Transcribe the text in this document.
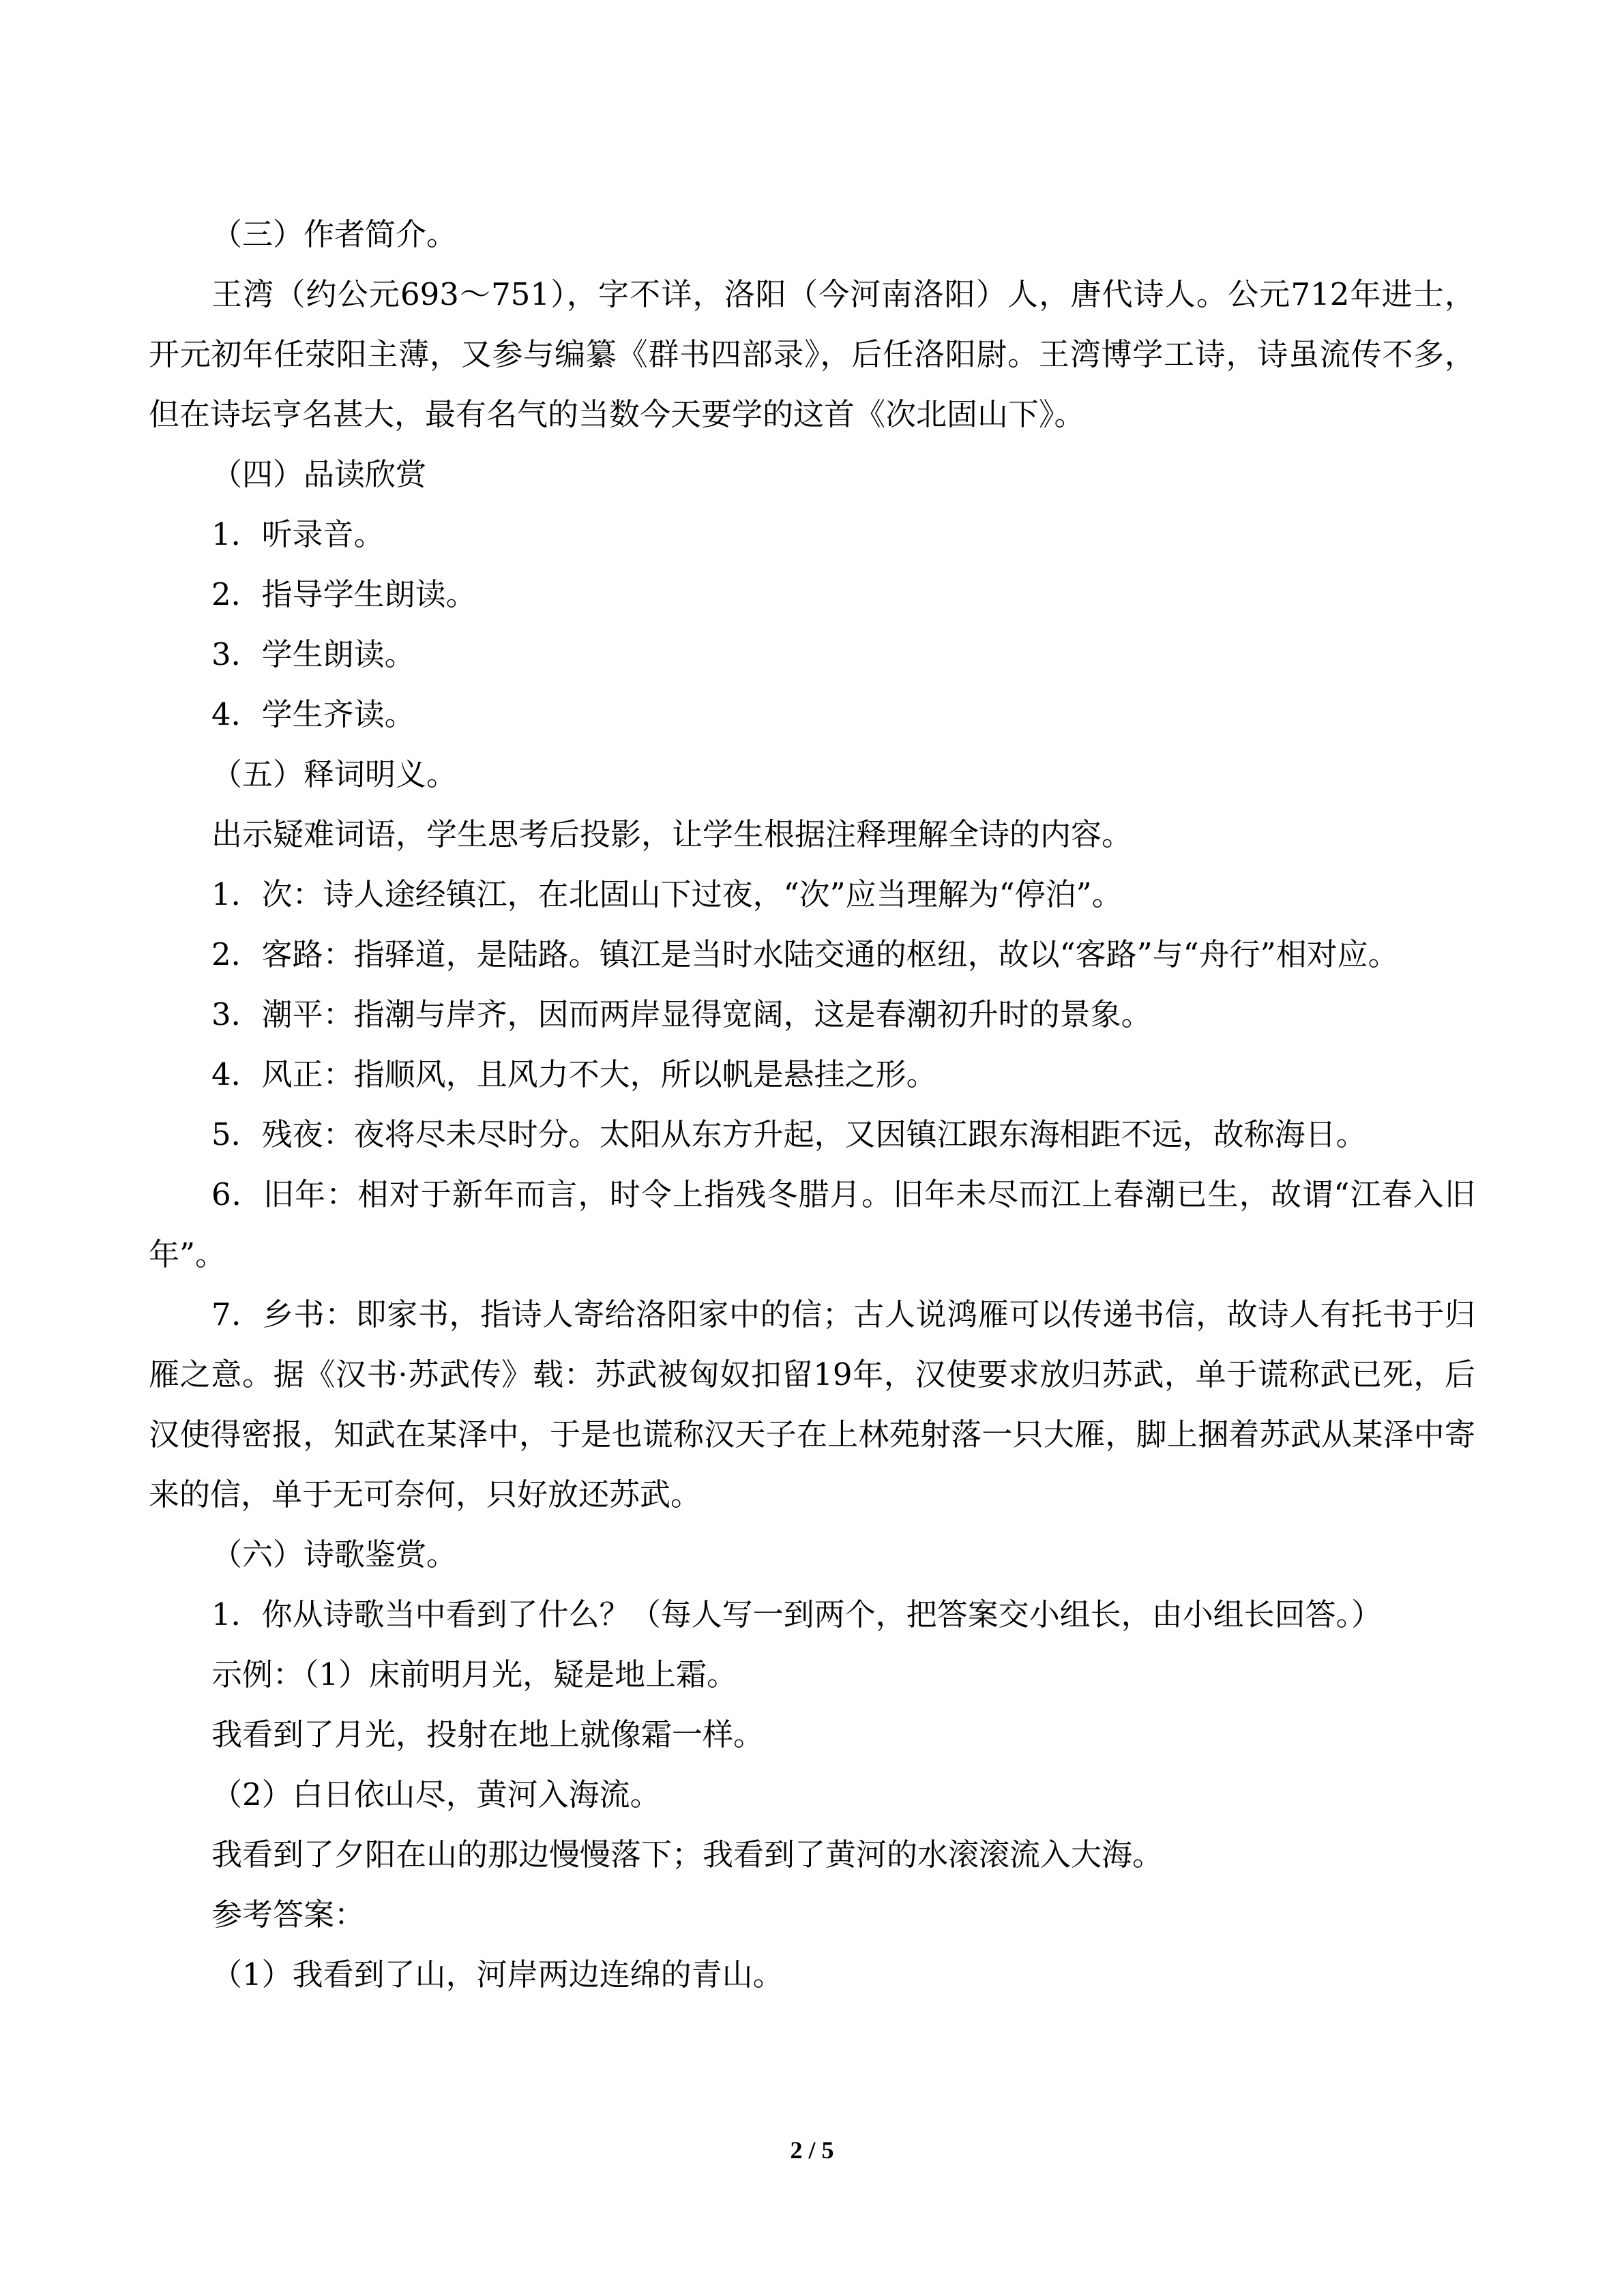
（三）作者简介。

王湾（约公元693～751），字不详，洛阳（今河南洛阳）人，唐代诗人。公元712年进士，开元初年任荥阳主薄，又参与编纂《群书四部录》，后任洛阳尉。王湾博学工诗，诗虽流传不多，但在诗坛亨名甚大，最有名气的当数今天要学的这首《次北固山下》。

（四）品读欣赏

1．听录音。

2．指导学生朗读。

3．学生朗读。

4．学生齐读。

（五）释词明义。

出示疑难词语，学生思考后投影，让学生根据注释理解全诗的内容。

1．次：诗人途经镇江，在北固山下过夜，“次”应当理解为“停泊”。

2．客路：指驿道，是陆路。镇江是当时水陆交通的枢纽，故以“客路”与“舟行”相对应。

3．潮平：指潮与岸齐，因而两岸显得宽阔，这是春潮初升时的景象。

4．风正：指顺风，且风力不大，所以帆是悬挂之形。

5．残夜：夜将尽未尽时分。太阳从东方升起，又因镇江跟东海相距不远，故称海日。

6．旧年：相对于新年而言，时令上指残冬腊月。旧年未尽而江上春潮已生，故谓“江春入旧年”。

7．乡书：即家书，指诗人寄给洛阳家中的信；古人说鸿雁可以传递书信，故诗人有托书于归雁之意。据《汉书·苏武传》载：苏武被匈奴扣留19年，汉使要求放归苏武，单于谎称武已死，后汉使得密报，知武在某泽中，于是也谎称汉天子在上林苑射落一只大雁，脚上捆着苏武从某泽中寄来的信，单于无可奈何，只好放还苏武。

（六）诗歌鉴赏。

1．你从诗歌当中看到了什么？（每人写一到两个，把答案交小组长，由小组长回答。）

示例：（1）床前明月光，疑是地上霜。

我看到了月光，投射在地上就像霜一样。

（2）白日依山尽，黄河入海流。

我看到了夕阳在山的那边慢慢落下；我看到了黄河的水滚滚流入大海。

参考答案：

（1）我看到了山，河岸两边连绵的青山。

2 / 5
